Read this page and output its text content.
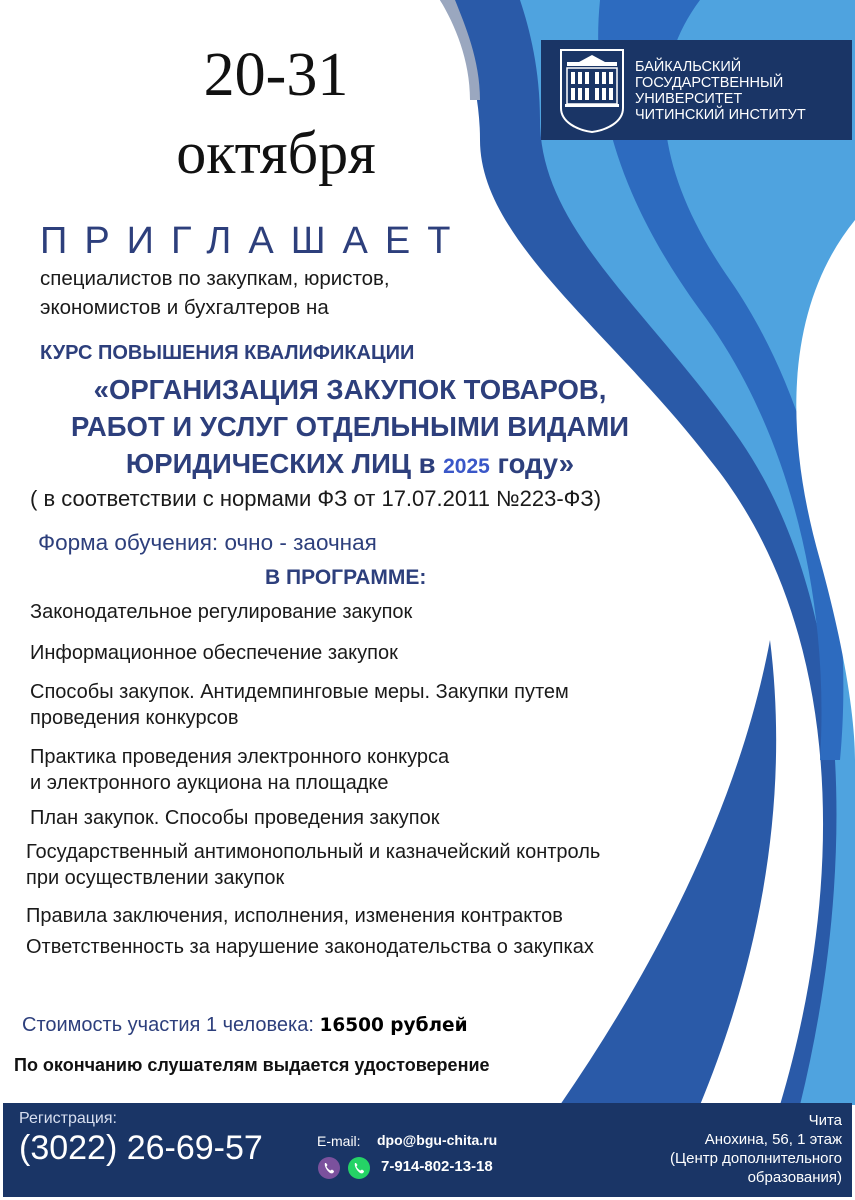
20-31
октября
БАЙКАЛЬСКИЙ
ГОСУДАРСТВЕННЫЙ
УНИВЕРСИТЕТ
ЧИТИНСКИЙ ИНСТИТУТ
ПРИГЛАШАЕТ
специалистов по закупкам, юристов,
экономистов и бухгалтеров на
КУРС ПОВЫШЕНИЯ КВАЛИФИКАЦИИ
«ОРГАНИЗАЦИЯ ЗАКУПОК ТОВАРОВ,
РАБОТ И УСЛУГ ОТДЕЛЬНЫМИ ВИДАМИ
ЮРИДИЧЕСКИХ ЛИЦ в 2025 году»
( в соответствии с нормами ФЗ от 17.07.2011 №223-ФЗ)
Форма обучения: очно - заочная
В ПРОГРАММЕ:
Законодательное регулирование закупок
Информационное обеспечение закупок
Способы закупок. Антидемпинговые меры. Закупки путем
проведения конкурсов
Практика проведения электронного конкурса
и электронного аукциона на площадке
План закупок. Способы проведения закупок
Государственный антимонопольный и казначейский контроль
при осуществлении закупок
Правила заключения, исполнения, изменения контрактов
Ответственность за нарушение законодательства о закупках
Стоимость участия 1 человека: 16500 рублей
По окончанию слушателям выдается удостоверение
Регистрация:
(3022) 26-69-57	E-mail: dpo@bgu-chita.ru

7-914-802-13-18
Чита
Анохина, 56, 1 этаж
(Центр дополнительного
образования)
